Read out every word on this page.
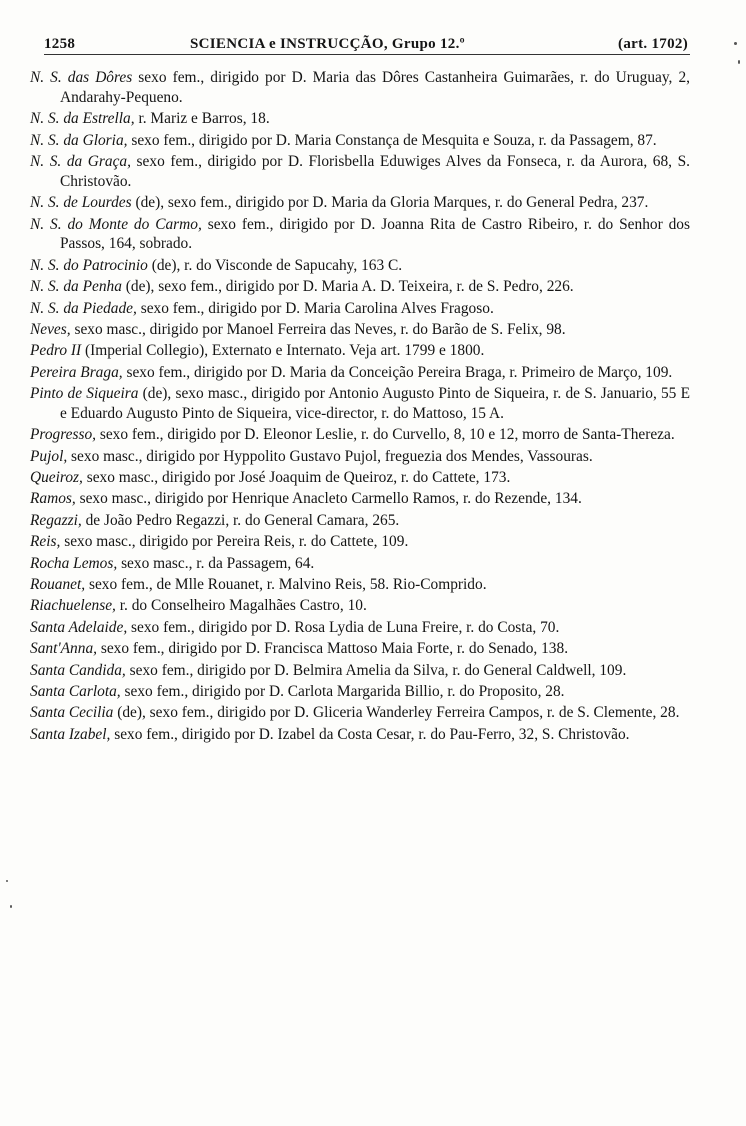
1258	SCIENCIA e INSTRUCÇÃO, Grupo 12.º	(art. 1702)
N. S. das Dôres sexo fem., dirigido por D. Maria das Dôres Castanheira Guimarães, r. do Uruguay, 2, Andarahy-Pequeno.
N. S. da Estrella, r. Mariz e Barros, 18.
N. S. da Gloria, sexo fem., dirigido por D. Maria Constança de Mesquita e Souza, r. da Passagem, 87.
N. S. da Graça, sexo fem., dirigido por D. Florisbella Eduwiges Alves da Fonseca, r. da Aurora, 68, S. Christovão.
N. S. de Lourdes (de), sexo fem., dirigido por D. Maria da Gloria Marques, r. do General Pedra, 237.
N. S. do Monte do Carmo, sexo fem., dirigido por D. Joanna Rita de Castro Ribeiro, r. do Senhor dos Passos, 164, sobrado.
N. S. do Patrocinio (de), r. do Visconde de Sapucahy, 163 C.
N. S. da Penha (de), sexo fem., dirigido por D. Maria A. D. Teixeira, r. de S. Pedro, 226.
N. S. da Piedade, sexo fem., dirigido por D. Maria Carolina Alves Fragoso.
Neves, sexo masc., dirigido por Manoel Ferreira das Neves, r. do Barão de S. Felix, 98.
Pedro II (Imperial Collegio), Externato e Internato. Veja art. 1799 e 1800.
Pereira Braga, sexo fem., dirigido por D. Maria da Conceição Pereira Braga, r. Primeiro de Março, 109.
Pinto de Siqueira (de), sexo masc., dirigido por Antonio Augusto Pinto de Siqueira, r. de S. Januario, 55 E e Eduardo Augusto Pinto de Siqueira, vice-director, r. do Mattoso, 15 A.
Progresso, sexo fem., dirigido por D. Eleonor Leslie, r. do Curvello, 8, 10 e 12, morro de Santa-Thereza.
Pujol, sexo masc., dirigido por Hyppolito Gustavo Pujol, freguezia dos Mendes, Vassouras.
Queiroz, sexo masc., dirigido por José Joaquim de Queiroz, r. do Cattete, 173.
Ramos, sexo masc., dirigido por Henrique Anacleto Carmello Ramos, r. do Rezende, 134.
Regazzi, de João Pedro Regazzi, r. do General Camara, 265.
Reis, sexo masc., dirigido por Pereira Reis, r. do Cattete, 109.
Rocha Lemos, sexo masc., r. da Passagem, 64.
Rouanet, sexo fem., de Mlle Rouanet, r. Malvino Reis, 58. Rio-Comprido.
Riachuelense, r. do Conselheiro Magalhães Castro, 10.
Santa Adelaide, sexo fem., dirigido por D. Rosa Lydia de Luna Freire, r. do Costa, 70.
Sant'Anna, sexo fem., dirigido por D. Francisca Mattoso Maia Forte, r. do Senado, 138.
Santa Candida, sexo fem., dirigido por D. Belmira Amelia da Silva, r. do General Caldwell, 109.
Santa Carlota, sexo fem., dirigido por D. Carlota Margarida Billio, r. do Proposito, 28.
Santa Cecilia (de), sexo fem., dirigido por D. Gliceria Wanderley Ferreira Campos, r. de S. Clemente, 28.
Santa Izabel, sexo fem., dirigido por D. Izabel da Costa Cesar, r. do Pau-Ferro, 32, S. Christovão.
